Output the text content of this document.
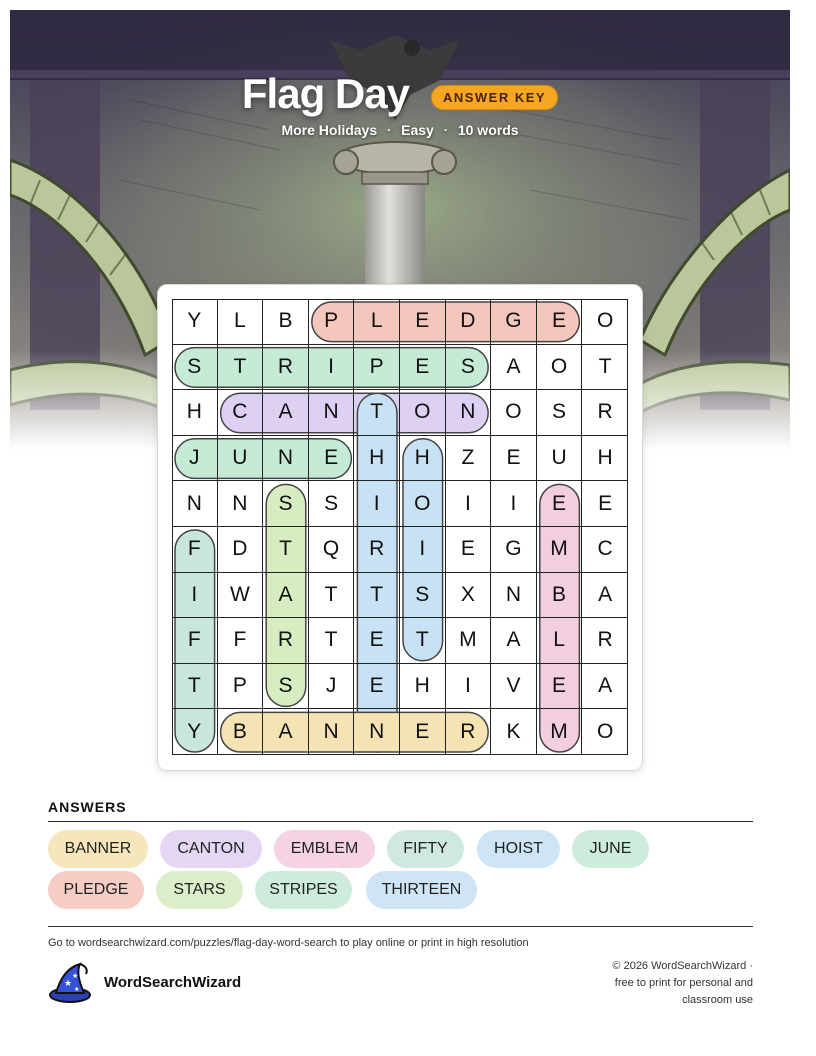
Flag Day	ANSWER KEY
More Holidays · Easy · 10 words
Y	L	B	P	L	E	D	G	E	O
S	T	R	I	P	E	S	A	O	T
H	C	A	N	T	O	N	O	S	R
J	U	N	E	H	H	Z	E	U	H
N	N	S	S	I	O	I	I	E	E
F	D	T	Q	R	I	E	G	M	C
I	W	A	T	T	S	X	N	B	A
F	F	R	T	E	T	M	A	L	R
T	P	S	J	E	H	I	V	E	A
Y	B	A	N	N	E	R	K	M	O
ANSWERS
BANNER	CANTON	EMBLEM	FIFTY	HOIST	JUNE
PLEDGE	STARS	STRIPES	THIRTEEN
Go to wordsearchwizard.com/puzzles/flag-day-word-search to play online or print in high resolution
★
★
★ WordSearchWizard
© 2026 WordSearchWizard ·
free to print for personal and
classroom use
